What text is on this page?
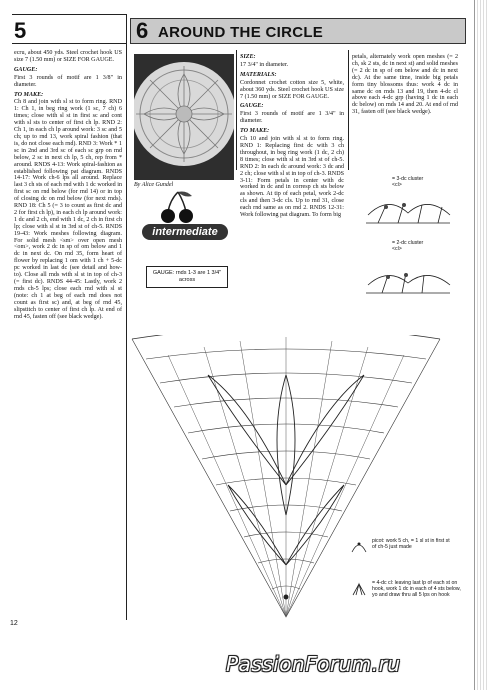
5	6 AROUND THE CIRCLE

ecru, about 450 yds. Steel crochet hook US size 7 (1.50 mm) or SIZE FOR GAUGE.

GAUGE:

First 3 rounds of motif are 1 3/8" in diameter.

TO MAKE:

Ch 8 and join with sl st to form ring. RND 1: Ch 1, in beg ring work (1 sc, 7 ch) 6 times; close with sl st in first sc and cont with sl sts to center of first ch lp. RND 2: Ch 1, in each ch lp around work: 3 sc and 5 ch; up to rnd 13, work spiral fashion (that is, do not close each rnd). RND 3: Work * 1 sc in 2nd and 3rd sc of each sc grp on rnd below, 2 sc in next ch lp, 5 ch, rep from * around. RNDS 4-13: Work spiral-fashion as established following pat diagram. RNDS 14-17: Work ch-6 lps all around. Replace last 3 ch sts of each rnd with 1 dc worked in first sc on rnd below (for rnd 14) or in top of closing dc on rnd below (for next rnds). RND 18: Ch 5 (= 3 to count as first dc and 2 for first ch lp), in each ch lp around work: 1 dc and 2 ch, end with 1 dc, 2 ch in first ch lp; close with sl st in 3rd st of ch-5. RNDS 19-43: Work meshes following diagram. For solid mesh <sm> over open mesh <om>, work 2 dc in sp of om below and 1 dc in next dc. On rnd 35, form heart of flower by replacing 1 om with 1 ch + 5-dc pc worked in last dc (see detail and how-to). Close all rnds with sl st in top of ch-3 (= first dc). RNDS 44-45: Lastly, work 2 rnds ch-5 lps; close each rnd with sl st (note: ch 1 at beg of each rnd does not count as first sc) and, at beg of rnd 45, slipstitch to center of first ch lp. At end of rnd 45, fasten off (see black wedge).

By Alice Gundel
intermediate
GAUGE: rnds 1-3 are 1 3/4" across

SIZE:

17 3/4" in diameter.

MATERIALS:

Cordonnet crochet cotton size 5, white, about 360 yds. Steel crochet hook US size 7 (1.50 mm) or SIZE FOR GAUGE.

GAUGE:

First 3 rounds of motif are 1 3/4" in diameter.

TO MAKE:

Ch 10 and join with sl st to form ring. RND 1: Replacing first dc with 3 ch throughout, in beg ring work (1 dc, 2 ch) 8 times; close with sl st in 3rd st of ch-5. RND 2: In each dc around work: 3 dc and 2 ch; close with sl st in top of ch-3. RNDS 3-11: Form petals in center with dc worked in dc and in corresp ch sts below as shown. At tip of each petal, work 2-dc cls and then 3-dc cls. Up to rnd 31, close each rnd same as on rnd 2. RNDS 12-31: Work following pat diagram. To form big

petals, alternately work open meshes (= 2 ch, sk 2 sts, dc in next st) and solid meshes (= 2 dc in sp of om below and dc in next dc). At the same time, inside big petals form tiny blossoms thus: work 4 dc in same dc on rnds 13 and 19, then 4-dc cl above each 4-dc grp (having 1 dc in each dc below) on rnds 14 and 20. At end of rnd 31, fasten off (see black wedge).

= 3-dc cluster <cl>
= 2-dc cluster <cl>
picot: work 5 ch, = 1 sl st in first st of ch-5 just made
= 4-dc cl: leaving last lp of each st on hook, work 1 dc in each of 4 sts below, yo and draw thru all 5 lps on hook
12
PassionForum.ru
